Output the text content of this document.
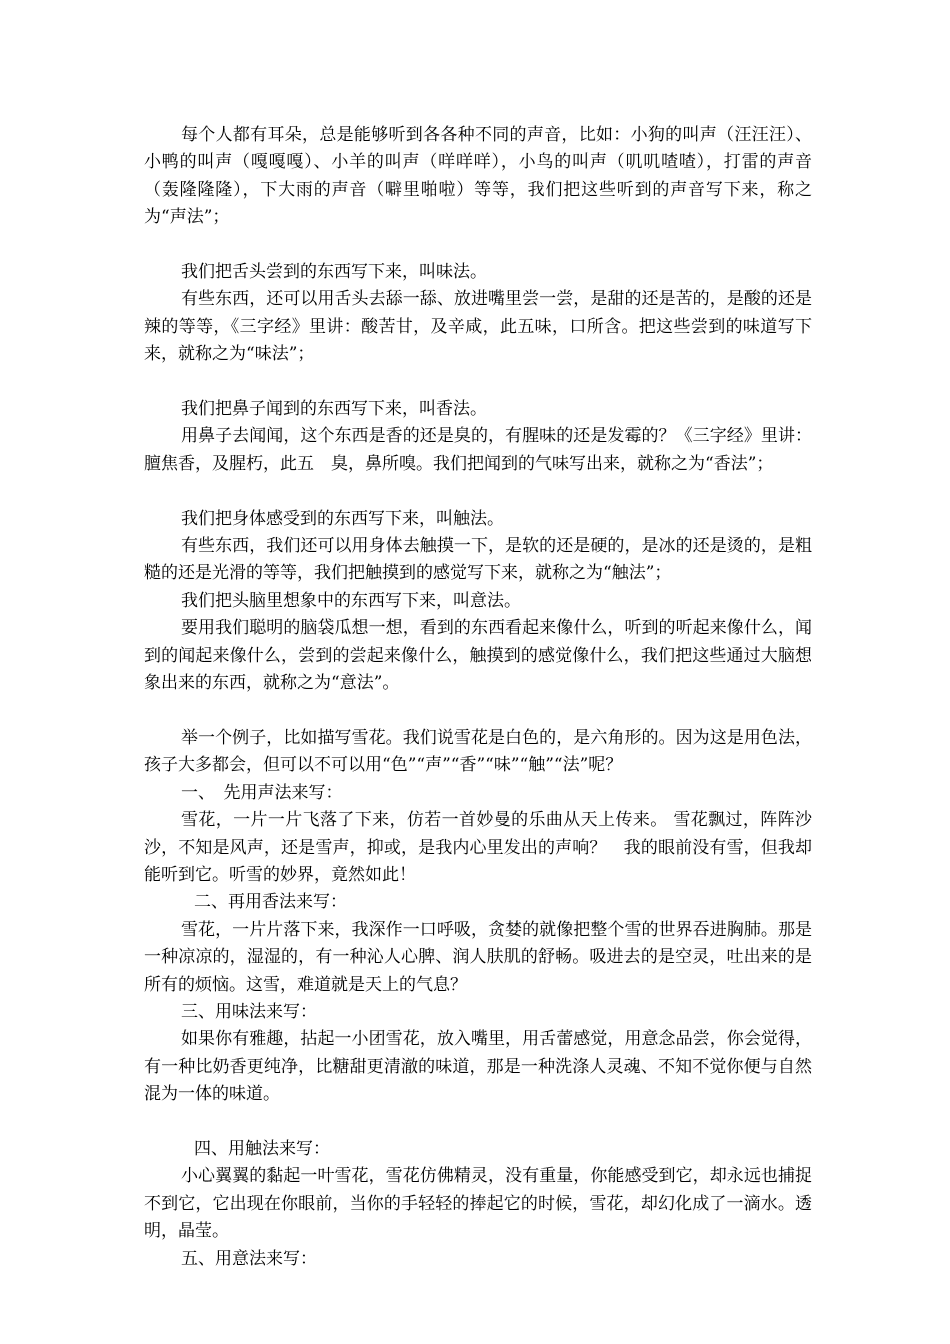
每个人都有耳朵，总是能够听到各各种不同的声音，比如：小狗的叫声（汪汪汪）、小鸭的叫声（嘎嘎嘎）、小羊的叫声（咩咩咩），小鸟的叫声（叽叽喳喳），打雷的声音（轰隆隆隆），下大雨的声音（噼里啪啦）等等，我们把这些听到的声音写下来，称之为“声法”；

我们把舌头尝到的东西写下来，叫味法。

有些东西，还可以用舌头去舔一舔、放进嘴里尝一尝，是甜的还是苦的，是酸的还是辣的等等，《三字经》里讲：酸苦甘，及辛咸，此五味，口所含。把这些尝到的味道写下来，就称之为“味法”；

我们把鼻子闻到的东西写下来，叫香法。

用鼻子去闻闻，这个东西是香的还是臭的，有腥味的还是发霉的？《三字经》里讲：膻焦香，及腥朽，此五　臭，鼻所嗅。我们把闻到的气味写出来，就称之为“香法”；

我们把身体感受到的东西写下来，叫触法。

有些东西，我们还可以用身体去触摸一下，是软的还是硬的，是冰的还是烫的，是粗糙的还是光滑的等等，我们把触摸到的感觉写下来，就称之为“触法”；

我们把头脑里想象中的东西写下来，叫意法。

要用我们聪明的脑袋瓜想一想，看到的东西看起来像什么，听到的听起来像什么，闻到的闻起来像什么，尝到的尝起来像什么，触摸到的感觉像什么，我们把这些通过大脑想象出来的东西，就称之为“意法”。

举一个例子，比如描写雪花。我们说雪花是白色的，是六角形的。因为这是用色法，孩子大多都会，但可以不可以用“色”“声”“香”“味”“触”“法”呢？

一、　先用声法来写：

雪花，一片一片飞落了下来，仿若一首妙曼的乐曲从天上传来。 雪花飘过，阵阵沙沙，不知是风声，还是雪声，抑或，是我内心里发出的声响？　我的眼前没有雪，但我却能听到它。听雪的妙界，竟然如此！

二、再用香法来写：

雪花，一片片落下来，我深作一口呼吸，贪婪的就像把整个雪的世界吞进胸肺。那是一种凉凉的，湿湿的，有一种沁人心脾、润人肤肌的舒畅。吸进去的是空灵，吐出来的是所有的烦恼。这雪，难道就是天上的气息？

三、用味法来写：

如果你有雅趣，拈起一小团雪花，放入嘴里，用舌蕾感觉，用意念品尝，你会觉得，有一种比奶香更纯净，比糖甜更清澈的味道，那是一种洗涤人灵魂、不知不觉你便与自然混为一体的味道。

四、用触法来写：

小心翼翼的黏起一叶雪花，雪花仿佛精灵，没有重量，你能感受到它，却永远也捕捉不到它，它出现在你眼前，当你的手轻轻的捧起它的时候，雪花，却幻化成了一滴水。透明，晶莹。

五、用意法来写：
